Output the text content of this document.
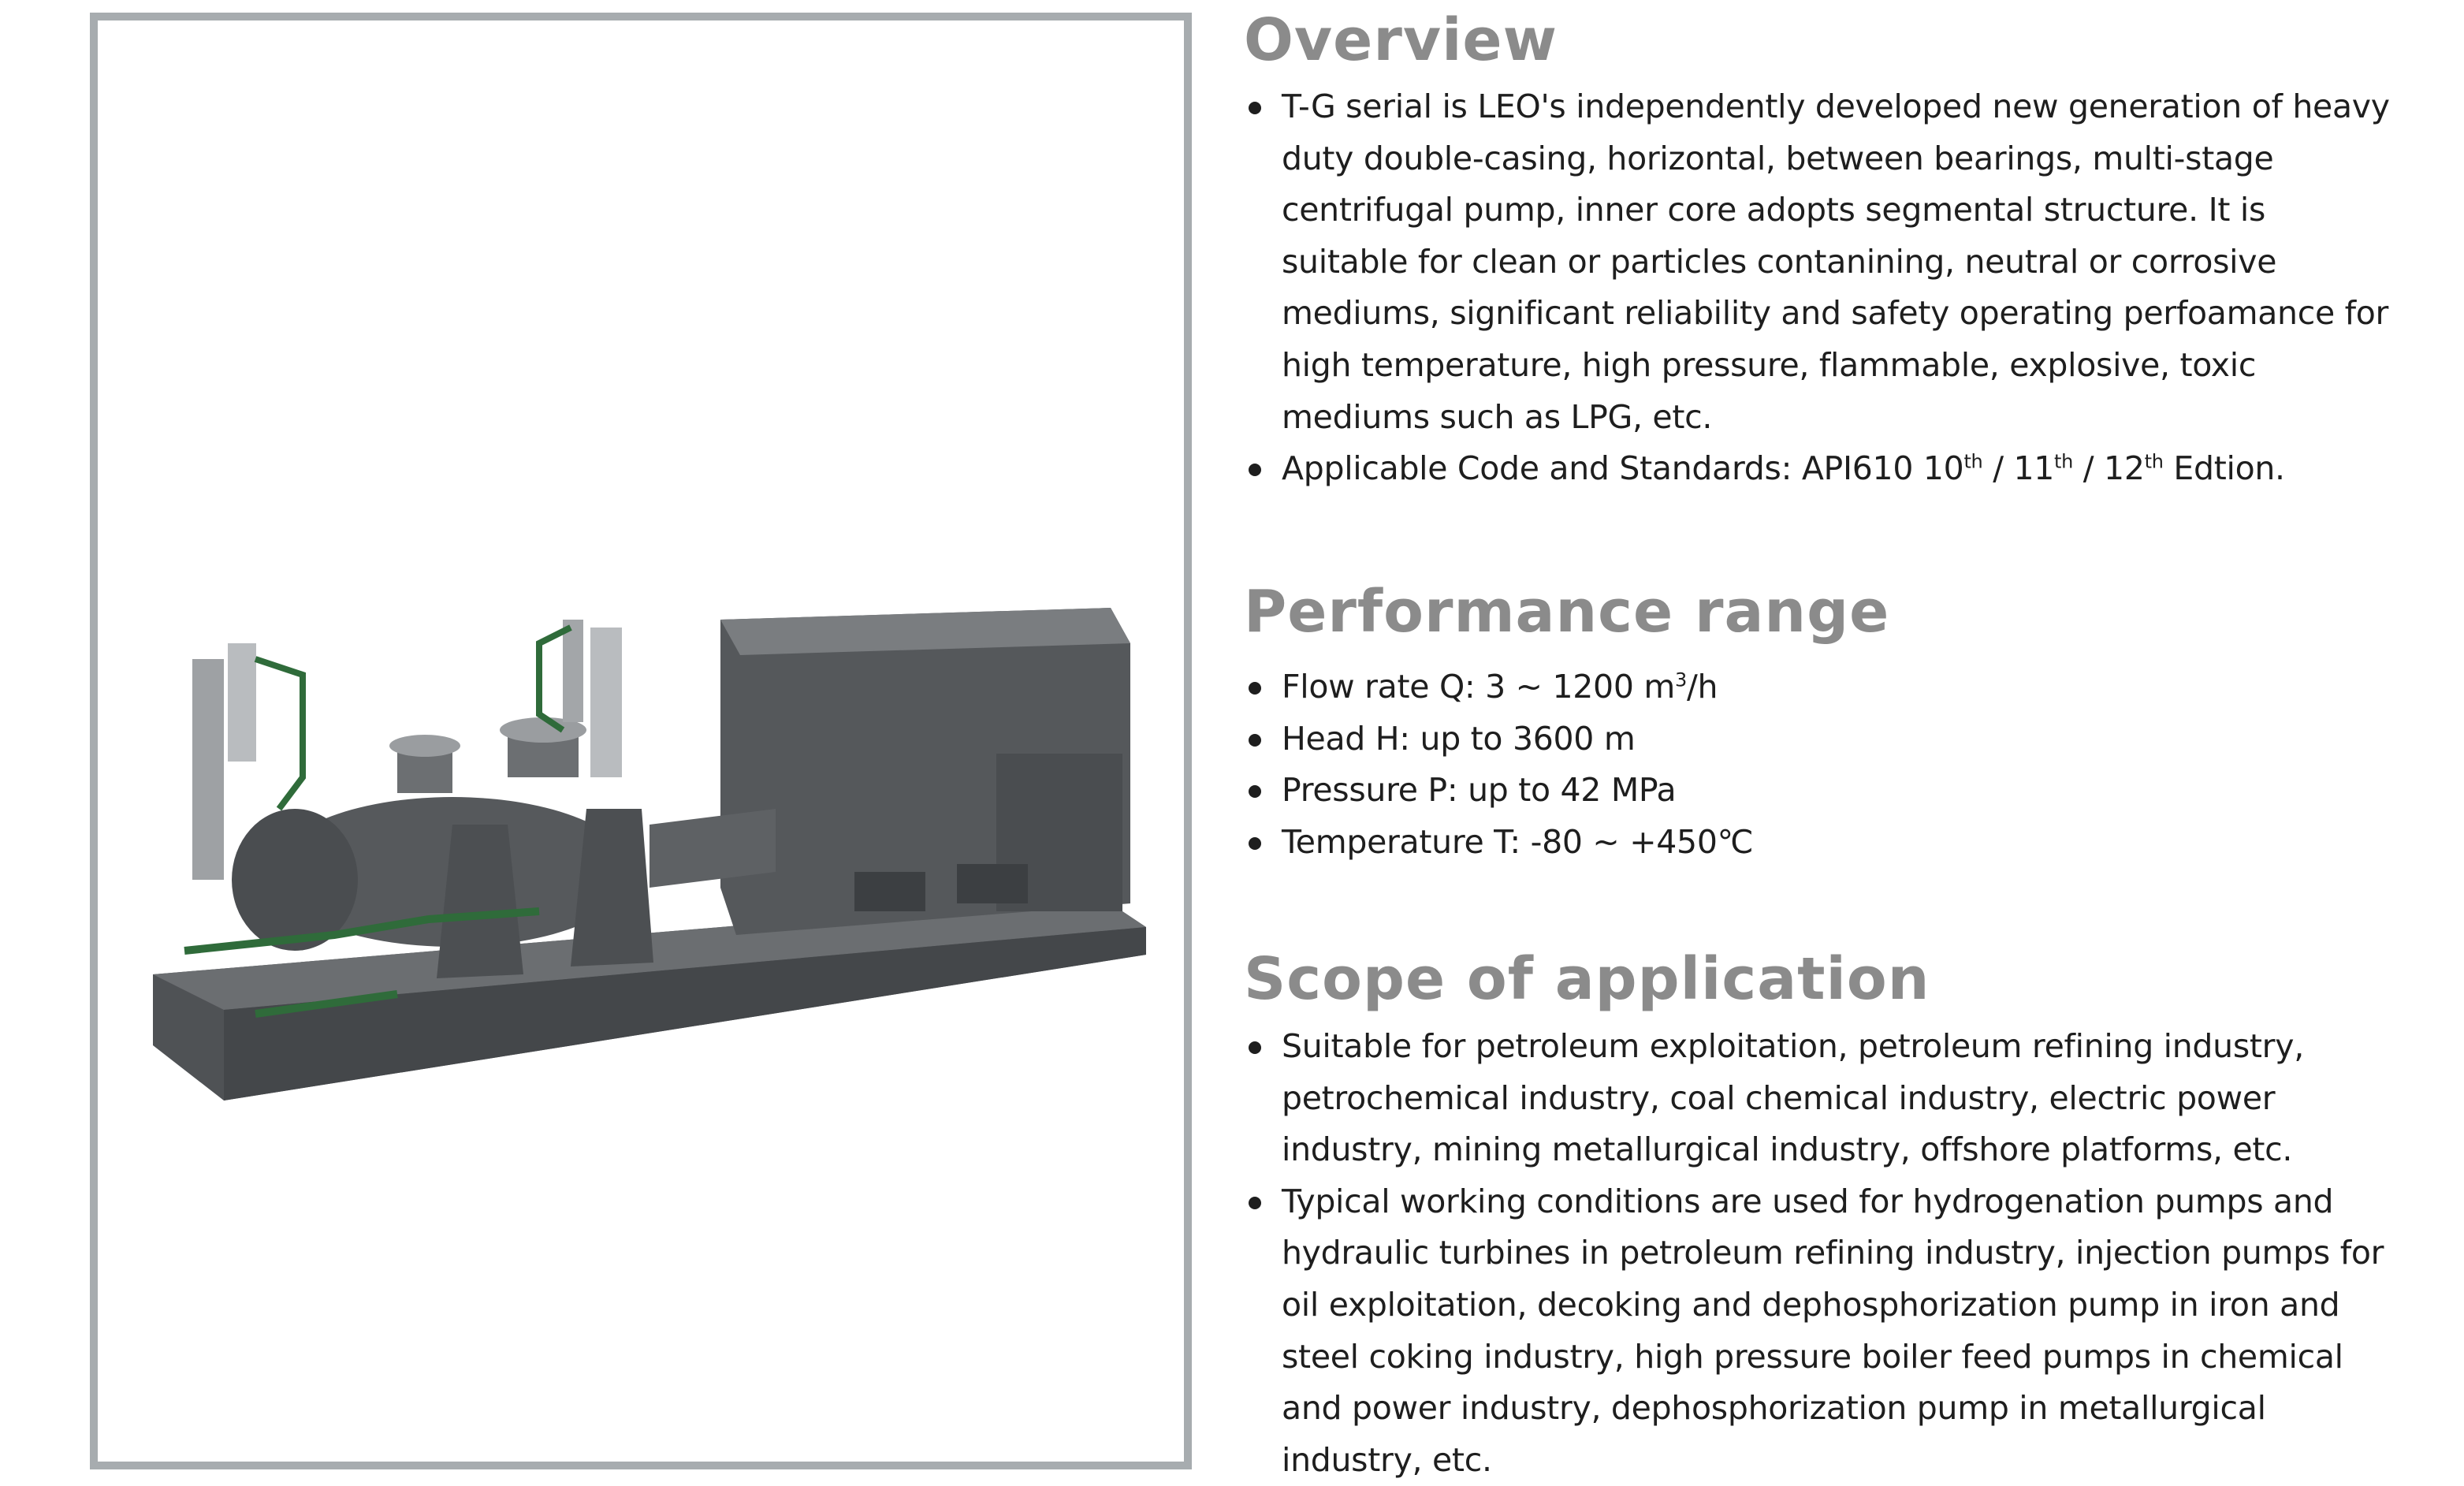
Overview
T-G serial is LEO's independently developed new generation of heavy duty double-casing, horizontal, between bearings, multi-stage centrifugal pump, inner core adopts segmental structure. It is suitable for clean or particles contanining, neutral or corrosive mediums, significant reliability and safety operating perfoamance for high temperature, high pressure, flammable, explosive, toxic mediums such as LPG, etc.
Applicable Code and Standards: API610 10th / 11th / 12th Edtion.
Performance range
Flow rate Q: 3 ~ 1200 $m^3/h$
Head H: up to 3600 m
Pressure P: up to 42 MPa
Temperature T: -80 ~ +450℃
Scope of application
Suitable for petroleum exploitation, petroleum refining industry, petrochemical industry, coal chemical industry, electric power industry, mining metallurgical industry, offshore platforms, etc.
Typical working conditions are used for hydrogenation pumps and hydraulic turbines in petroleum refining industry, injection pumps for oil exploitation, decoking and dephosphorization pump in iron and steel coking industry, high pressure boiler feed pumps in chemical and power industry, dephosphorization pump in metallurgical industry, etc.
